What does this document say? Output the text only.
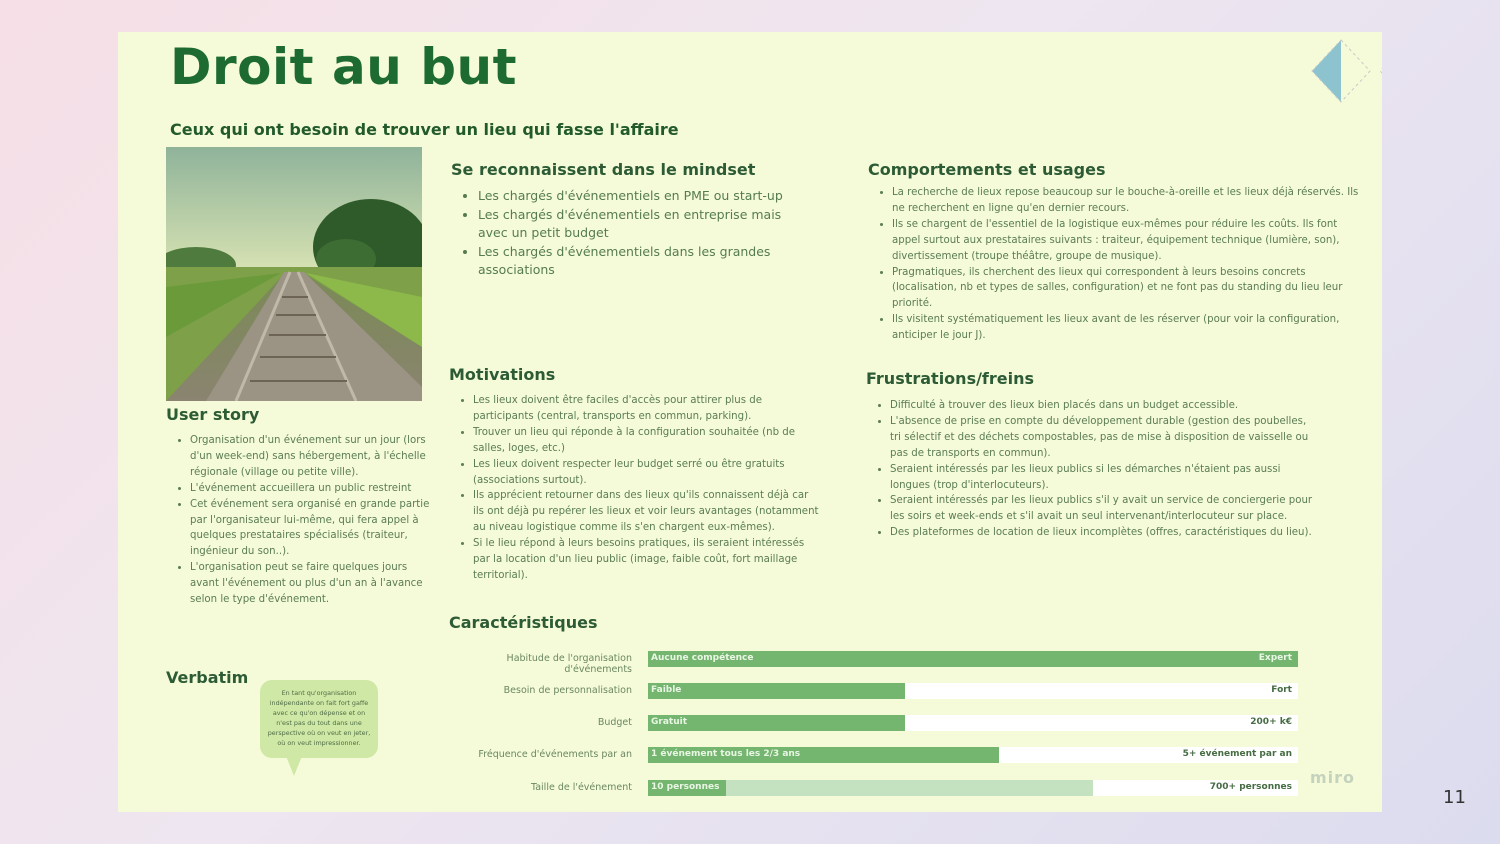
Droit au but
Ceux qui ont besoin de trouver un lieu qui fasse l'affaire
Se reconnaissent dans le mindset
• Les chargés d'événementiels en PME ou start-up
• Les chargés d'événementiels en entreprise mais avec un petit budget
• Les chargés d'événementiels dans les grandes associations
Comportements et usages
• La recherche de lieux repose beaucoup sur le bouche-à-oreille et les lieux déjà réservés. Ils ne recherchent en ligne qu'en dernier recours.
• Ils se chargent de l'essentiel de la logistique eux-mêmes pour réduire les coûts. Ils font appel surtout aux prestataires suivants : traiteur, équipement technique (lumière, son), divertissement (troupe théâtre, groupe de musique).
• Pragmatiques, ils cherchent des lieux qui correspondent à leurs besoins concrets (localisation, nb et types de salles, configuration) et ne font pas du standing du lieu leur priorité.
• Ils visitent systématiquement les lieux avant de les réserver (pour voir la configuration, anticiper le jour J).
User story
• Organisation d'un événement sur un jour (lors d'un week-end) sans hébergement, à l'échelle régionale (village ou petite ville).
• L'événement accueillera un public restreint
• Cet événement sera organisé en grande partie par l'organisateur lui-même, qui fera appel à quelques prestataires spécialisés (traiteur, ingénieur du son..).
• L'organisation peut se faire quelques jours avant l'événement ou plus d'un an à l'avance selon le type d'événement.
Motivations
• Les lieux doivent être faciles d'accès pour attirer plus de participants (central, transports en commun, parking).
• Trouver un lieu qui réponde à la configuration souhaitée (nb de salles, loges, etc.)
• Les lieux doivent respecter leur budget serré ou être gratuits (associations surtout).
• Ils apprécient retourner dans des lieux qu'ils connaissent déjà car ils ont déjà pu repérer les lieux et voir leurs avantages (notamment au niveau logistique comme ils s'en chargent eux-mêmes).
• Si le lieu répond à leurs besoins pratiques, ils seraient intéressés par la location d'un lieu public (image, faible coût, fort maillage territorial).
Frustrations/freins
• Difficulté à trouver des lieux bien placés dans un budget accessible.
• L'absence de prise en compte du développement durable (gestion des poubelles, tri sélectif et des déchets compostables, pas de mise à disposition de vaisselle ou pas de transports en commun).
• Seraient intéressés par les lieux publics si les démarches n'étaient pas aussi longues (trop d'interlocuteurs).
• Seraient intéressés par les lieux publics s'il y avait un service de conciergerie pour les soirs et week-ends et s'il avait un seul intervenant/interlocuteur sur place.
• Des plateformes de location de lieux incomplètes (offres, caractéristiques du lieu).
Verbatim
En tant qu'organisation indépendante on fait fort gaffe avec ce qu'on dépense et on n'est pas du tout dans une perspective où on veut en jeter, où on veut impressionner.
Caractéristiques
Habitude de l'organisation d'événements
Aucune compétence	Expert
Besoin de personnalisation Faible	Fort
Budget Gratuit	200+ k€
Fréquence d'événements par an 1 événement tous les 2/3 ans	5+ événement par an
Taille de l'événement 10 personnes	700+ personnes miro
11
